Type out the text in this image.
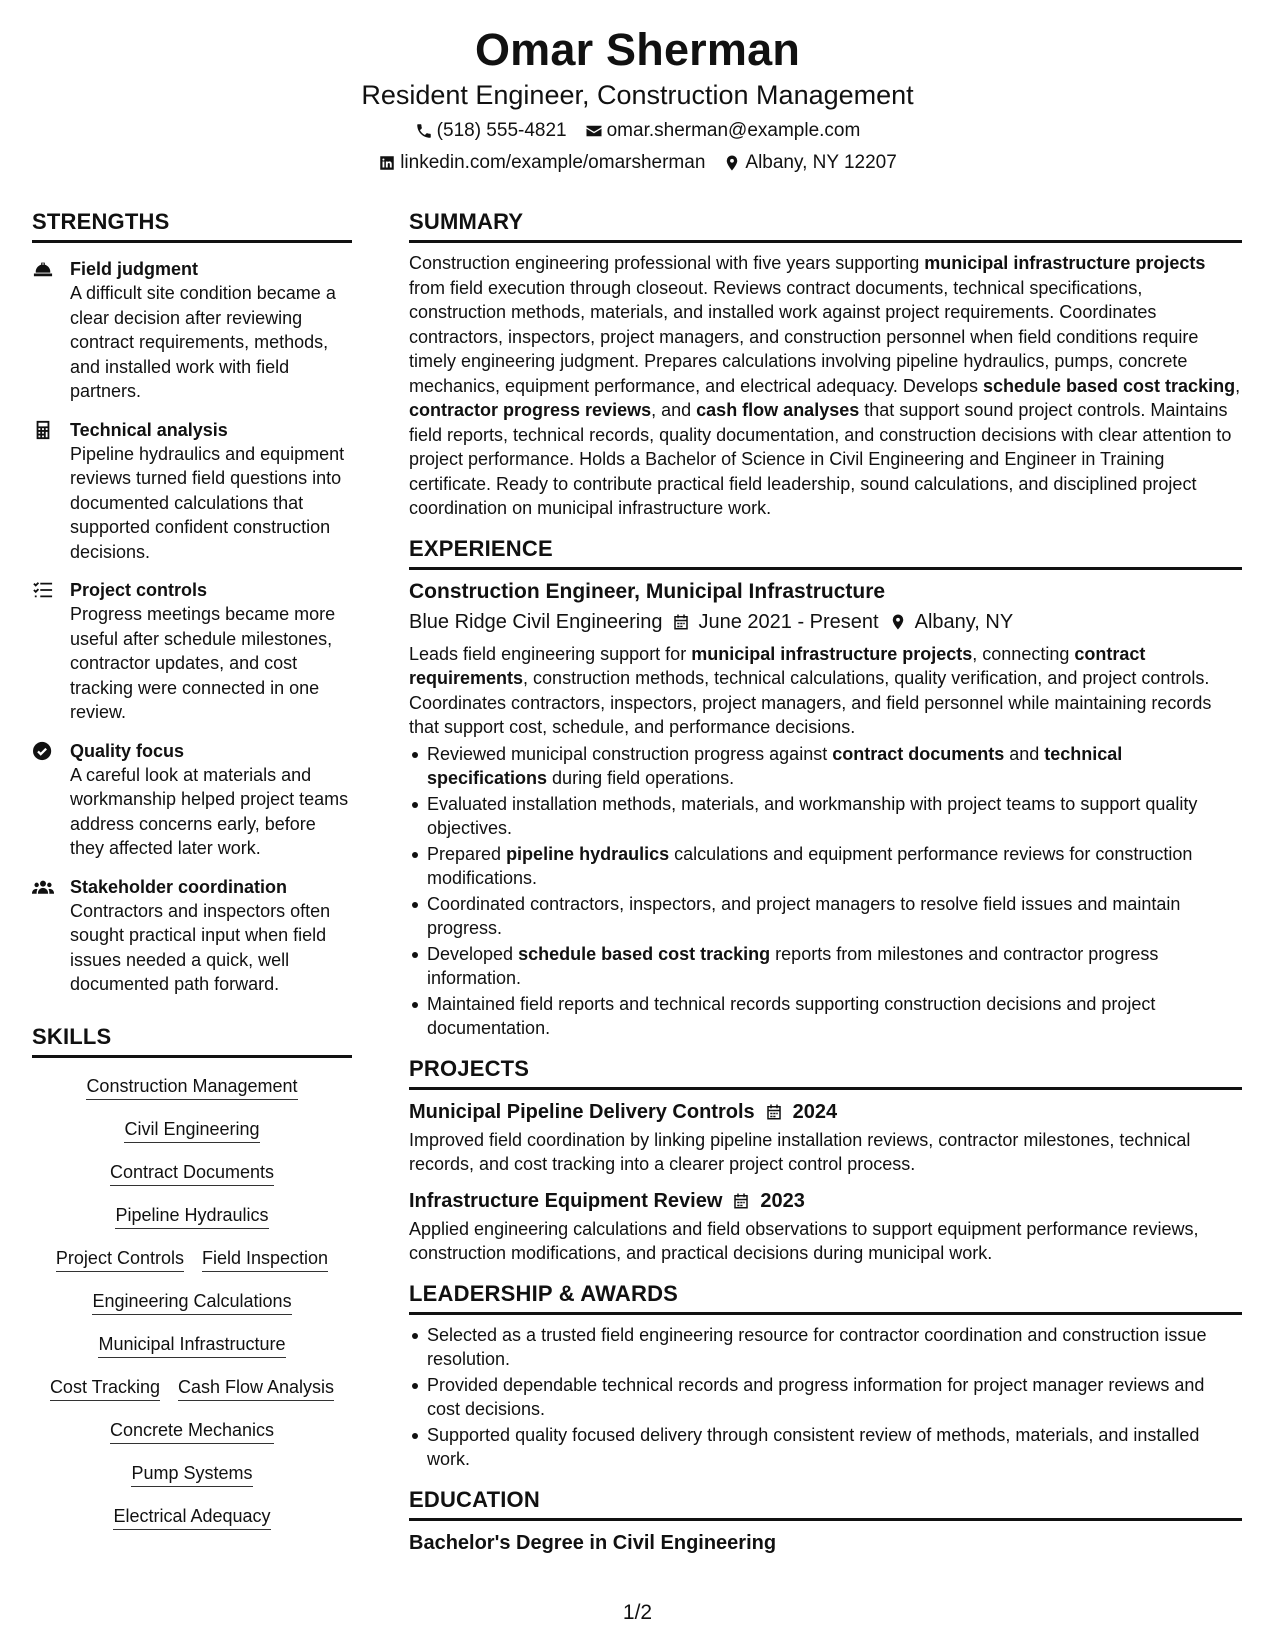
Omar Sherman
Resident Engineer, Construction Management
(518) 555-4821 omar.sherman@example.com
linkedin.com/example/omarsherman Albany, NY 12207
STRENGTHS
Field judgment
A difficult site condition became a clear decision after reviewing contract requirements, methods, and installed work with field partners.
Technical analysis
Pipeline hydraulics and equipment reviews turned field questions into documented calculations that supported confident construction decisions.
Project controls
Progress meetings became more useful after schedule milestones, contractor updates, and cost tracking were connected in one review.
Quality focus
A careful look at materials and workmanship helped project teams address concerns early, before they affected later work.
Stakeholder coordination
Contractors and inspectors often sought practical input when field issues needed a quick, well documented path forward.
SKILLS
Construction Management
Civil Engineering
Contract Documents
Pipeline Hydraulics
Project Controls Field Inspection
Engineering Calculations
Municipal Infrastructure
Cost Tracking Cash Flow Analysis
Concrete Mechanics
Pump Systems
Electrical Adequacy
SUMMARY
Construction engineering professional with five years supporting municipal infrastructure projects from field execution through closeout. Reviews contract documents, technical specifications, construction methods, materials, and installed work against project requirements. Coordinates contractors, inspectors, project managers, and construction personnel when field conditions require timely engineering judgment. Prepares calculations involving pipeline hydraulics, pumps, concrete mechanics, equipment performance, and electrical adequacy. Develops schedule based cost tracking, contractor progress reviews, and cash flow analyses that support sound project controls. Maintains field reports, technical records, quality documentation, and construction decisions with clear attention to project performance. Holds a Bachelor of Science in Civil Engineering and Engineer in Training certificate. Ready to contribute practical field leadership, sound calculations, and disciplined project coordination on municipal infrastructure work.
EXPERIENCE
Construction Engineer, Municipal Infrastructure
Blue Ridge Civil Engineering June 2021 - Present Albany, NY
Leads field engineering support for municipal infrastructure projects, connecting contract requirements, construction methods, technical calculations, quality verification, and project controls. Coordinates contractors, inspectors, project managers, and field personnel while maintaining records that support cost, schedule, and performance decisions.
Reviewed municipal construction progress against contract documents and technical specifications during field operations.
Evaluated installation methods, materials, and workmanship with project teams to support quality objectives.
Prepared pipeline hydraulics calculations and equipment performance reviews for construction modifications.
Coordinated contractors, inspectors, and project managers to resolve field issues and maintain progress.
Developed schedule based cost tracking reports from milestones and contractor progress information.
Maintained field reports and technical records supporting construction decisions and project documentation.
PROJECTS
Municipal Pipeline Delivery Controls 2024
Improved field coordination by linking pipeline installation reviews, contractor milestones, technical records, and cost tracking into a clearer project control process.
Infrastructure Equipment Review 2023
Applied engineering calculations and field observations to support equipment performance reviews, construction modifications, and practical decisions during municipal work.
LEADERSHIP & AWARDS
Selected as a trusted field engineering resource for contractor coordination and construction issue resolution.
Provided dependable technical records and progress information for project manager reviews and cost decisions.
Supported quality focused delivery through consistent review of methods, materials, and installed work.
EDUCATION
Bachelor's Degree in Civil Engineering
1/2
